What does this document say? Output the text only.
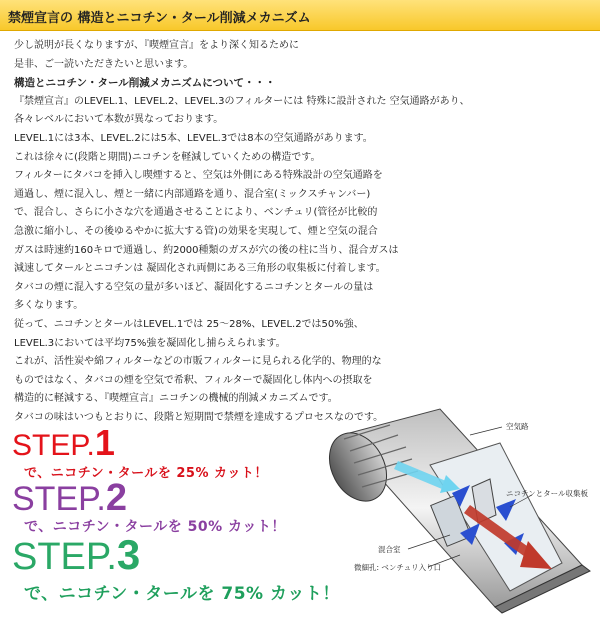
禁煙宣言の 構造とニコチン・タール削減メカニズム

少し説明が長くなりますが、『喫煙宣言』をより深く知るために

是非、ご一読いただきたいと思います。

構造とニコチン・タール削減メカニズムについて・・・

『禁煙宣言』のLEVEL.1、LEVEL.2、LEVEL.3のフィルターには 特殊に設計された 空気通路があり、

各々レベルにおいて本数が異なっております。

LEVEL.1には3本、LEVEL.2には5本、LEVEL.3では8本の空気通路があります。

これは徐々に(段階と期間)ニコチンを軽減していくための構造です。

フィルターにタバコを挿入し喫煙すると、空気は外側にある特殊設計の空気通路を

通過し、煙に混入し、煙と一緒に内部通路を通り、混合室(ミックスチャンバー)

で、混合し、さらに小さな穴を通過させることにより、ベンチュリ(管径が比較的

急激に縮小し、その後ゆるやかに拡大する管)の効果を実現して、煙と空気の混合

ガスは時速約160キロで通過し、約2000種類のガスが穴の後の柱に当り、混合ガスは

減速してタールとニコチンは 凝固化され両側にある三角形の収集板に付着します。

タバコの煙に混入する空気の量が多いほど、凝固化するニコチンとタールの量は

多くなります。

従って、ニコチンとタールはLEVEL.1では 25〜28%、LEVEL.2では50%強、

LEVEL.3においては平均75%強を凝固化し捕らえられます。

これが、活性炭や綿フィルターなどの市販フィルターに見られる化学的、物理的な

ものではなく、タバコの煙を空気で希釈、フィルターで凝固化し体内への摂取を

構造的に軽減する、『喫煙宣言』ニコチンの機械的削減メカニズムです。

タバコの味はいつもとおりに、段階と短期間で禁煙を達成するプロセスなのです。

STEP.1
で、ニコチン・タールを 25% カット！
STEP.2
で、ニコチン・タールを 50% カット！
STEP.3
で、ニコチン・タールを 75% カット！
空気路
ニコチンとタール収集板
混合室
微細孔: ベンチュリ入り口
